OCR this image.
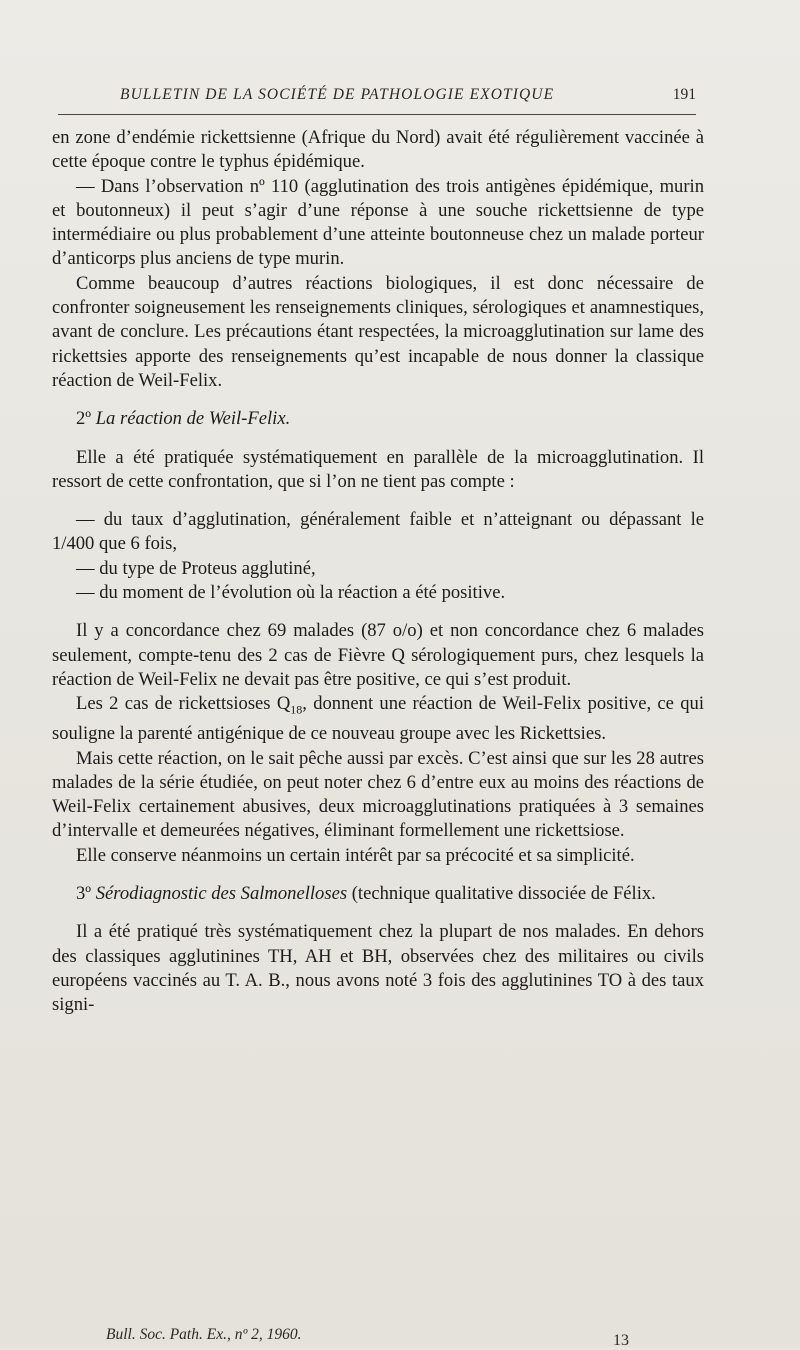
BULLETIN DE LA SOCIÉTÉ DE PATHOLOGIE EXOTIQUE	191

en zone d’endémie rickettsienne (Afrique du Nord) avait été régulièrement vaccinée à cette époque contre le typhus épidémique.

— Dans l’observation nº 110 (agglutination des trois antigènes épidémique, murin et boutonneux) il peut s’agir d’une réponse à une souche rickettsienne de type intermédiaire ou plus probablement d’une atteinte boutonneuse chez un malade porteur d’anticorps plus anciens de type murin.

Comme beaucoup d’autres réactions biologiques, il est donc nécessaire de confronter soigneusement les renseignements cliniques, sérologiques et anamnestiques, avant de conclure. Les précautions étant respectées, la microagglutination sur lame des rickettsies apporte des renseignements qu’est incapable de nous donner la classique réaction de Weil-Felix.

2º La réaction de Weil-Felix.

Elle a été pratiquée systématiquement en parallèle de la microagglutination. Il ressort de cette confrontation, que si l’on ne tient pas compte :

— du taux d’agglutination, généralement faible et n’atteignant ou dépassant le 1/400 que 6 fois,

— du type de Proteus agglutiné,

— du moment de l’évolution où la réaction a été positive.

Il y a concordance chez 69 malades (87 o/o) et non concordance chez 6 malades seulement, compte-tenu des 2 cas de Fièvre Q sérologiquement purs, chez lesquels la réaction de Weil-Felix ne devait pas être positive, ce qui s’est produit.

Les 2 cas de rickettsioses $Q_{18}$, donnent une réaction de Weil-Felix positive, ce qui souligne la parenté antigénique de ce nouveau groupe avec les Rickettsies.

Mais cette réaction, on le sait pêche aussi par excès. C’est ainsi que sur les 28 autres malades de la série étudiée, on peut noter chez 6 d’entre eux au moins des réactions de Weil-Felix certainement abusives, deux microagglutinations pratiquées à 3 semaines d’intervalle et demeurées négatives, éliminant formellement une rickettsiose.

Elle conserve néanmoins un certain intérêt par sa précocité et sa simplicité.

3º Sérodiagnostic des Salmonelloses (technique qualitative dissociée de Félix.

Il a été pratiqué très systématiquement chez la plupart de nos malades. En dehors des classiques agglutinines TH, AH et BH, observées chez des militaires ou civils européens vaccinés au T. A. B., nous avons noté 3 fois des agglutinines TO à des taux signi-

Bull. Soc. Path. Ex., nº 2, 1960.	13
